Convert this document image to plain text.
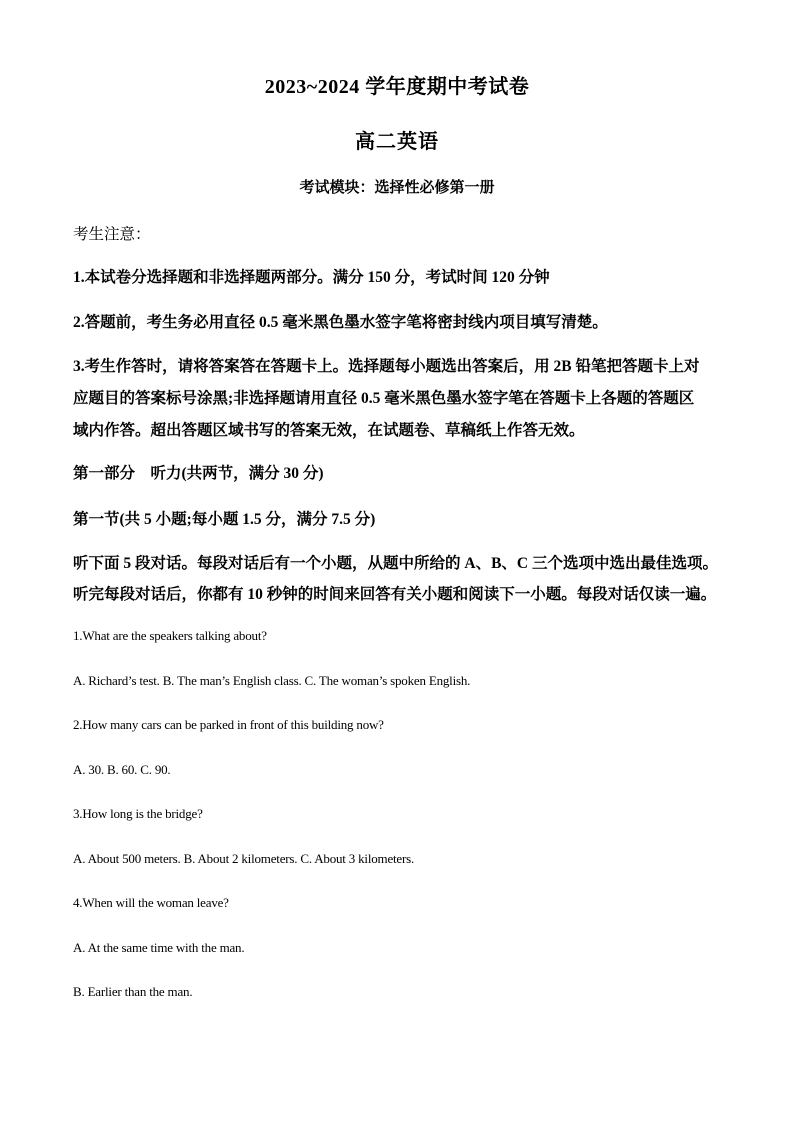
2023~2024 学年度期中考试卷

高二英语

考试模块：选择性必修第一册

考生注意：

1.本试卷分选择题和非选择题两部分。满分 150 分，考试时间 120 分钟

2.答题前，考生务必用直径 0.5 毫米黑色墨水签字笔将密封线内项目填写清楚。

3.考生作答时，请将答案答在答题卡上。选择题每小题选出答案后，用 2B 铅笔把答题卡上对

应题目的答案标号涂黑;非选择题请用直径 0.5 毫米黑色墨水签字笔在答题卡上各题的答题区

域内作答。超出答题区域书写的答案无效，在试题卷、草稿纸上作答无效。

第一部分　听力(共两节，满分 30 分)

第一节(共 5 小题;每小题 1.5 分，满分 7.5 分)

听下面 5 段对话。每段对话后有一个小题，从题中所给的 A、B、C 三个选项中选出最佳选项。

听完每段对话后，你都有 10 秒钟的时间来回答有关小题和阅读下一小题。每段对话仅读一遍。

1.What are the speakers talking about?

A. Richard’s test. B. The man’s English class. C. The woman’s spoken English.

2.How many cars can be parked in front of this building now?

A. 30. B. 60. C. 90.

3.How long is the bridge?

A. About 500 meters. B. About 2 kilometers. C. About 3 kilometers.

4.When will the woman leave?

A. At the same time with the man.

B. Earlier than the man.
